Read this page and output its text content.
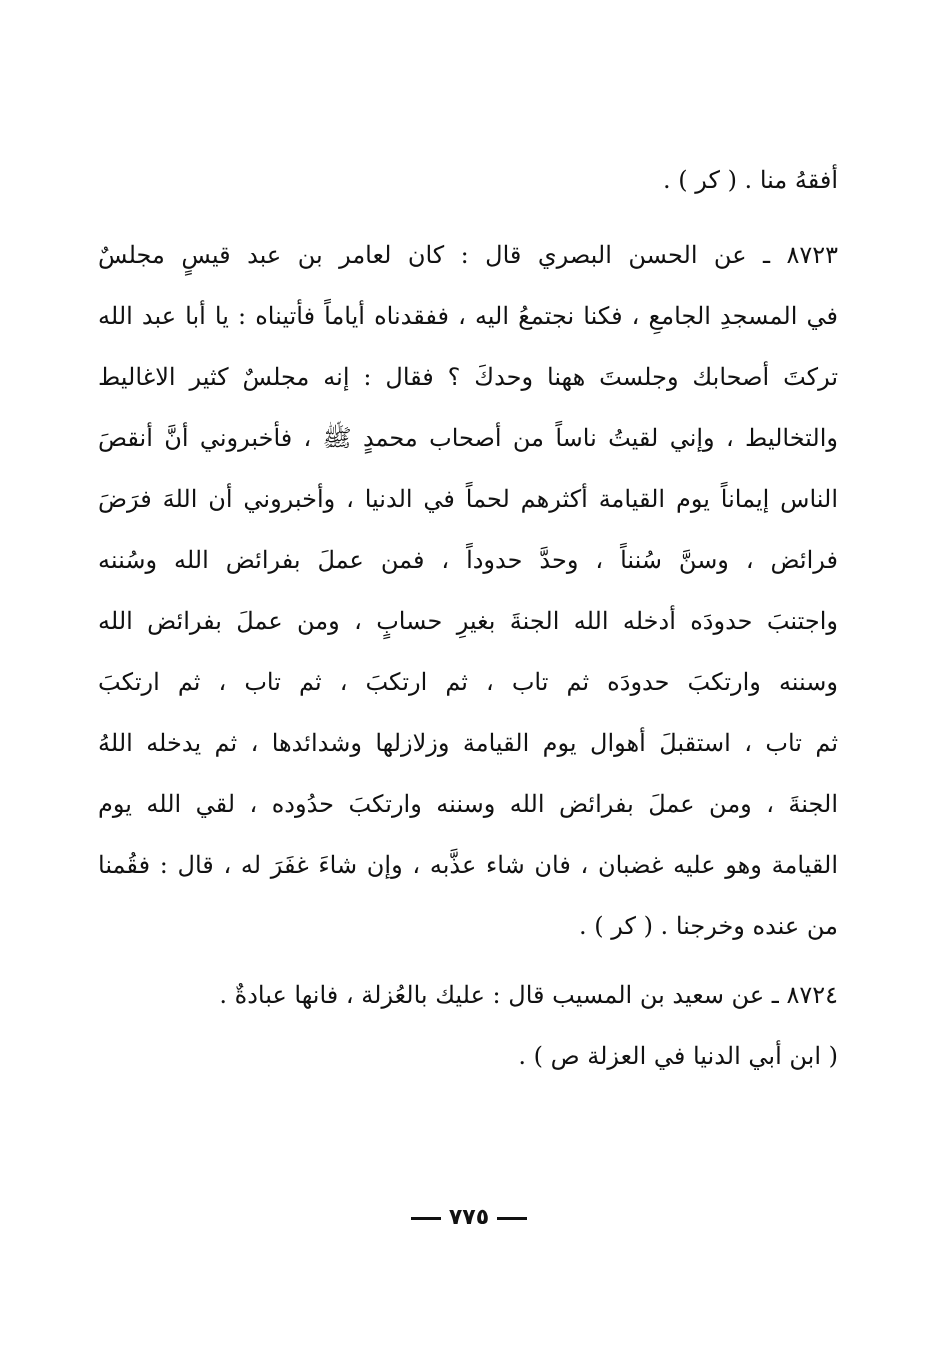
أفقهُ منا . ( كر ) .
٨٧٢٣ ـ عن الحسن البصري قال : كان لعامر بن عبد قيسٍ مجلسٌ
في المسجدِ الجامعِ ، فكنا نجتمعُ اليه ، ففقدناه أياماً فأتيناه : يا أبا عبد الله
تركتَ أصحابك وجلستَ ههنا وحدكَ ؟ فقال : إنه مجلسٌ كثير الاغاليط
والتخاليط ، وإني لقيتُ ناساً من أصحاب محمدٍ ﷺ ، فأخبروني أنَّ أنقصَ
الناس إيماناً يوم القيامة أكثرهم لحماً في الدنيا ، وأخبروني أن اللهَ فرَضَ
فرائض ، وسنَّ سُنناً ، وحدَّ حدوداً ، فمن عملَ بفرائض الله وسُننه
واجتنبَ حدودَه أدخله الله الجنةَ بغيرِ حسابٍ ، ومن عملَ بفرائض الله
وسننه وارتكبَ حدودَه ثم تاب ، ثم ارتكبَ ، ثم تاب ، ثم ارتكبَ
ثم تاب ، استقبلَ أهوال يوم القيامة وزلازلها وشدائدها ، ثم يدخله اللهُ
الجنةَ ، ومن عملَ بفرائض الله وسننه وارتكبَ حدُوده ، لقي الله يوم
القيامة وهو عليه غضبان ، فان شاء عذَّبه ، وإن شاءَ غفَرَ له ، قال : فقُمنا
من عنده وخرجنا . ( كر ) .
٨٧٢٤ ـ عن سعيد بن المسيب قال : عليك بالعُزلة ، فانها عبادةٌ .
( ابن أبي الدنيا في العزلة ص ) .
٧٧٥
